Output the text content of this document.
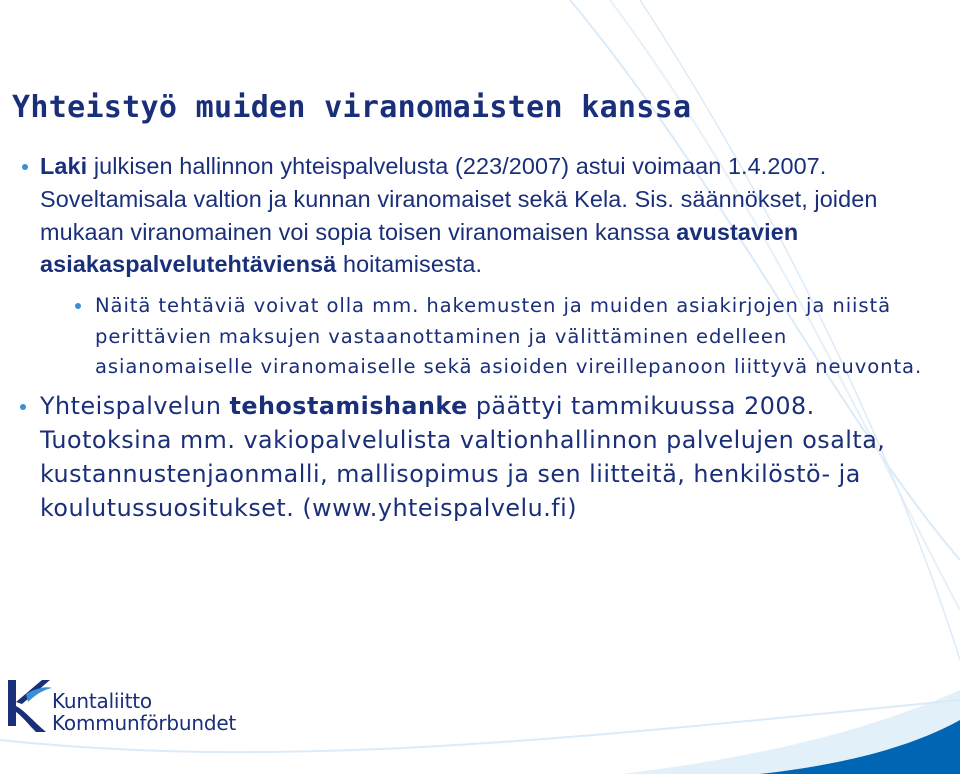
Yhteistyö muiden viranomaisten kanssa
Laki julkisen hallinnon yhteispalvelusta (223/2007) astui voimaan 1.4.2007. Soveltamisala valtion ja kunnan viranomaiset sekä Kela. Sis. säännökset, joiden mukaan viranomainen voi sopia toisen viranomaisen kanssa avustavien asiakaspalvelutehtäviensä hoitamisesta.
Näitä tehtäviä voivat olla mm. hakemusten ja muiden asiakirjojen ja niistä perittävien maksujen vastaanottaminen ja välittäminen edelleen asianomaiselle viranomaiselle sekä asioiden vireillepanoon liittyvä neuvonta.
Yhteispalvelun tehostamishanke päättyi tammikuussa 2008. Tuotoksina mm. vakiopalvelulista valtionhallinnon palvelujen osalta, kustannustenjaonmalli, mallisopimus ja sen liitteitä, henkilöstö- ja koulutussuositukset. (www.yhteispalvelu.fi)
Kuntaliitto
Kommunförbundet
